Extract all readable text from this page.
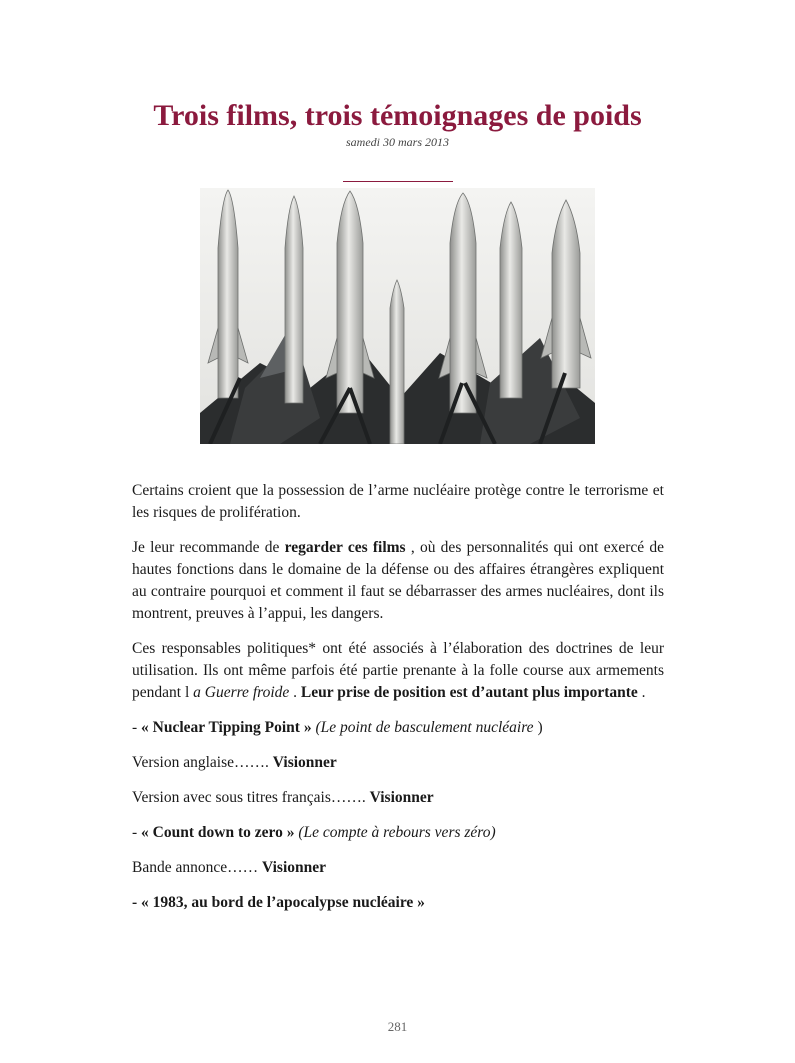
Trois films, trois témoignages de poids
samedi 30 mars 2013

Certains croient que la possession de l’arme nucléaire protège contre le terrorisme et les risques de prolifération.

Je leur recommande de regarder ces films , où des personnalités qui ont exercé de hautes fonctions dans le domaine de la défense ou des affaires étrangères expliquent au contraire pourquoi et comment il faut se débarrasser des armes nucléaires, dont ils montrent, preuves à l’appui, les dangers.

Ces responsables politiques* ont été associés à l’élaboration des doctrines de leur utilisation. Ils ont même parfois été partie prenante à la folle course aux armements pendant l a Guerre froide . Leur prise de position est d’autant plus importante .

- « Nuclear Tipping Point » (Le point de basculement nucléaire )

Version anglaise……. Visionner

Version avec sous titres français……. Visionner

- « Count down to zero » (Le compte à rebours vers zéro)

Bande annonce…… Visionner

- « 1983, au bord de l’apocalypse nucléaire »

281
